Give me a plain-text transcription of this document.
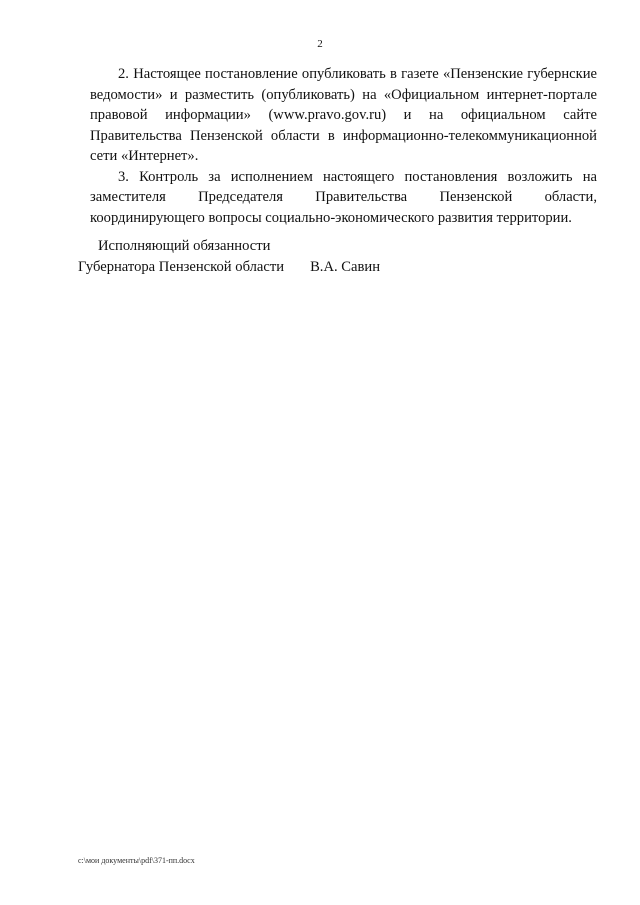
2

2. Настоящее постановление опубликовать в газете «Пензенские губернские ведомости» и разместить (опубликовать) на «Официальном интернет-портале правовой информации» (www.pravo.gov.ru) и на официальном сайте Правительства Пензенской области в информационно-телекоммуникационной сети «Интернет».

3. Контроль за исполнением настоящего постановления возложить на заместителя Председателя Правительства Пензенской области, координирующего вопросы социально-экономического развития территории.

Исполняющий обязанности
Губернатора Пензенской области В.А. Савин
c:\мои документы\pdf\371-пп.docx
